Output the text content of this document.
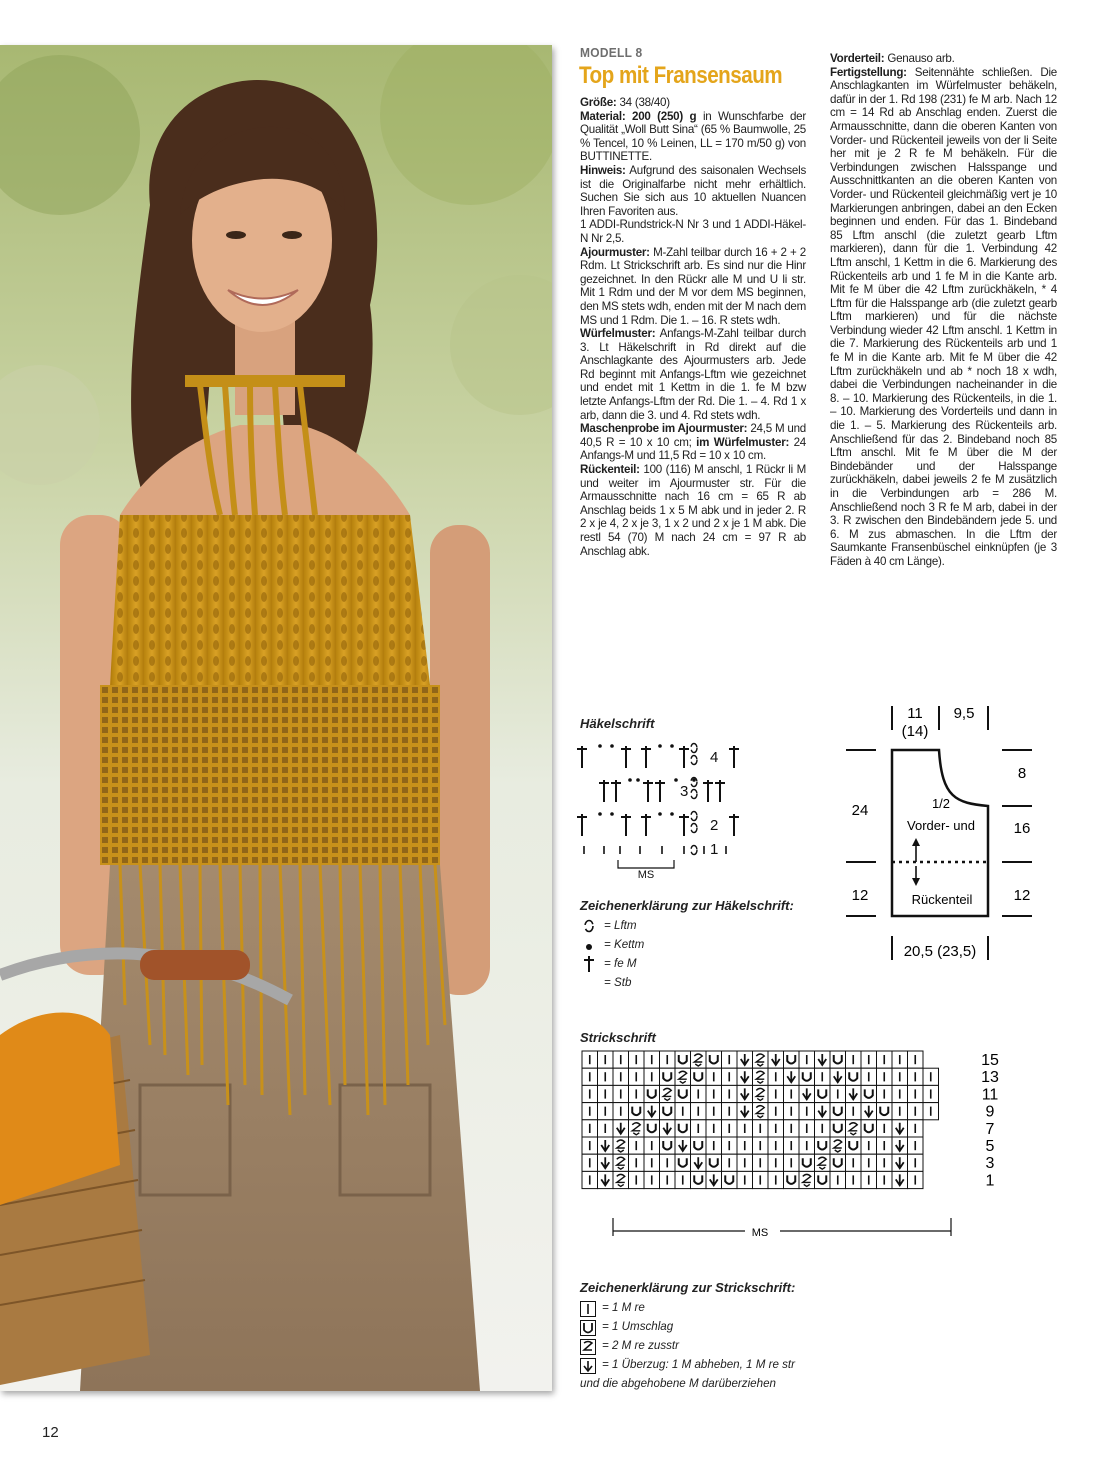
MODELL 8
Top mit Fransensaum

Größe: 34 (38/40)

Material: 200 (250) g in Wunschfarbe der Qualität „Woll Butt Sina“ (65 % Baumwolle, 25 % Tencel, 10 % Leinen, LL = 170 m/50 g) von BUTTINETTE.

Hinweis: Aufgrund des saisonalen Wechsels ist die Originalfarbe nicht mehr erhältlich. Suchen Sie sich aus 10 aktuellen Nuancen Ihren Favoriten aus.

1 ADDI-Rundstrick-N Nr 3 und 1 ADDI-Häkel-N Nr 2,5.

Ajourmuster: M-Zahl teilbar durch 16 + 2 + 2 Rdm. Lt Strickschrift arb. Es sind nur die Hinr gezeichnet. In den Rückr alle M und U li str. Mit 1 Rdm und der M vor dem MS beginnen, den MS stets wdh, enden mit der M nach dem MS und 1 Rdm. Die 1. – 16. R stets wdh.

Würfelmuster: Anfangs-M-Zahl teilbar durch 3. Lt Häkelschrift in Rd direkt auf die Anschlagkante des Ajourmusters arb. Jede Rd beginnt mit Anfangs-Lftm wie gezeichnet und endet mit 1 Kettm in die 1. fe M bzw letzte Anfangs-Lftm der Rd. Die 1. – 4. Rd 1 x arb, dann die 3. und 4. Rd stets wdh.

Maschenprobe im Ajourmuster: 24,5 M und 40,5 R = 10 x 10 cm; im Würfelmuster: 24 Anfangs-M und 11,5 Rd = 10 x 10 cm.

Rückenteil: 100 (116) M anschl, 1 Rückr li M und weiter im Ajourmuster str. Für die Armausschnitte nach 16 cm = 65 R ab Anschlag beids 1 x 5 M abk und in jeder 2. R 2 x je 4, 2 x je 3, 1 x 2 und 2 x je 1 M abk. Die restl 54 (70) M nach 24 cm = 97 R ab Anschlag abk.

Vorderteil: Genauso arb.

Fertigstellung: Seitennähte schließen. Die Anschlagkanten im Würfelmuster behäkeln, dafür in der 1. Rd 198 (231) fe M arb. Nach 12 cm = 14 Rd ab Anschlag enden. Zuerst die Armausschnitte, dann die oberen Kanten von Vorder- und Rückenteil jeweils von der li Seite her mit je 2 R fe M behäkeln. Für die Verbindungen zwischen Halsspange und Ausschnittkanten an die oberen Kanten von Vorder- und Rückenteil gleichmäßig vert je 10 Markierungen anbringen, dabei an den Ecken beginnen und enden. Für das 1. Bindeband 85 Lftm anschl (die zuletzt gearb Lftm markieren), dann für die 1. Verbindung 42 Lftm anschl, 1 Kettm in die 6. Markierung des Rückenteils arb und 1 fe M in die Kante arb. Mit fe M über die 42 Lftm zurückhäkeln, * 4 Lftm für die Halsspange arb (die zuletzt gearb Lftm markieren) und für die nächste Verbindung wieder 42 Lftm anschl. 1 Kettm in die 7. Markierung des Rückenteils arb und 1 fe M in die Kante arb. Mit fe M über die 42 Lftm zurückhäkeln und ab * noch 18 x wdh, dabei die Verbindungen nacheinander in die 8. – 10. Markierung des Rückenteils, in die 1. – 10. Markierung des Vorderteils und dann in die 1. – 5. Markierung des Rückenteils arb. Anschließend für das 2. Bindeband noch 85 Lftm anschl. Mit fe M über die M der Bindebänder und der Halsspange zurückhäkeln, dabei jeweils 2 fe M zusätzlich in die Verbindungen arb = 286 M. Anschließend noch 3 R fe M arb, dabei in der 3. R zwischen den Bindebändern jede 5. und 6. M zus abmaschen. In die Lftm der Saumkante Fransenbüschel einknüpfen (je 3 Fäden à 40 cm Länge).

Häkelschrift
MS
4
3
2
1
Zeichenerklärung zur Häkelschrift:
= Lftm
= Kettm
= fe M
= Stb
11
(14)
9,5
8
16
12
24
12
1/2
Vorder- und
Rückenteil
20,5 (23,5)
Strickschrift
15
13
11
9
7
5
3
1
MS
Zeichenerklärung zur Strickschrift:
= 1 M re
= 1 Umschlag
= 2 M re zusstr
= 1 Überzug: 1 M abheben, 1 M re str
und die abgehobene M darüberziehen
12
